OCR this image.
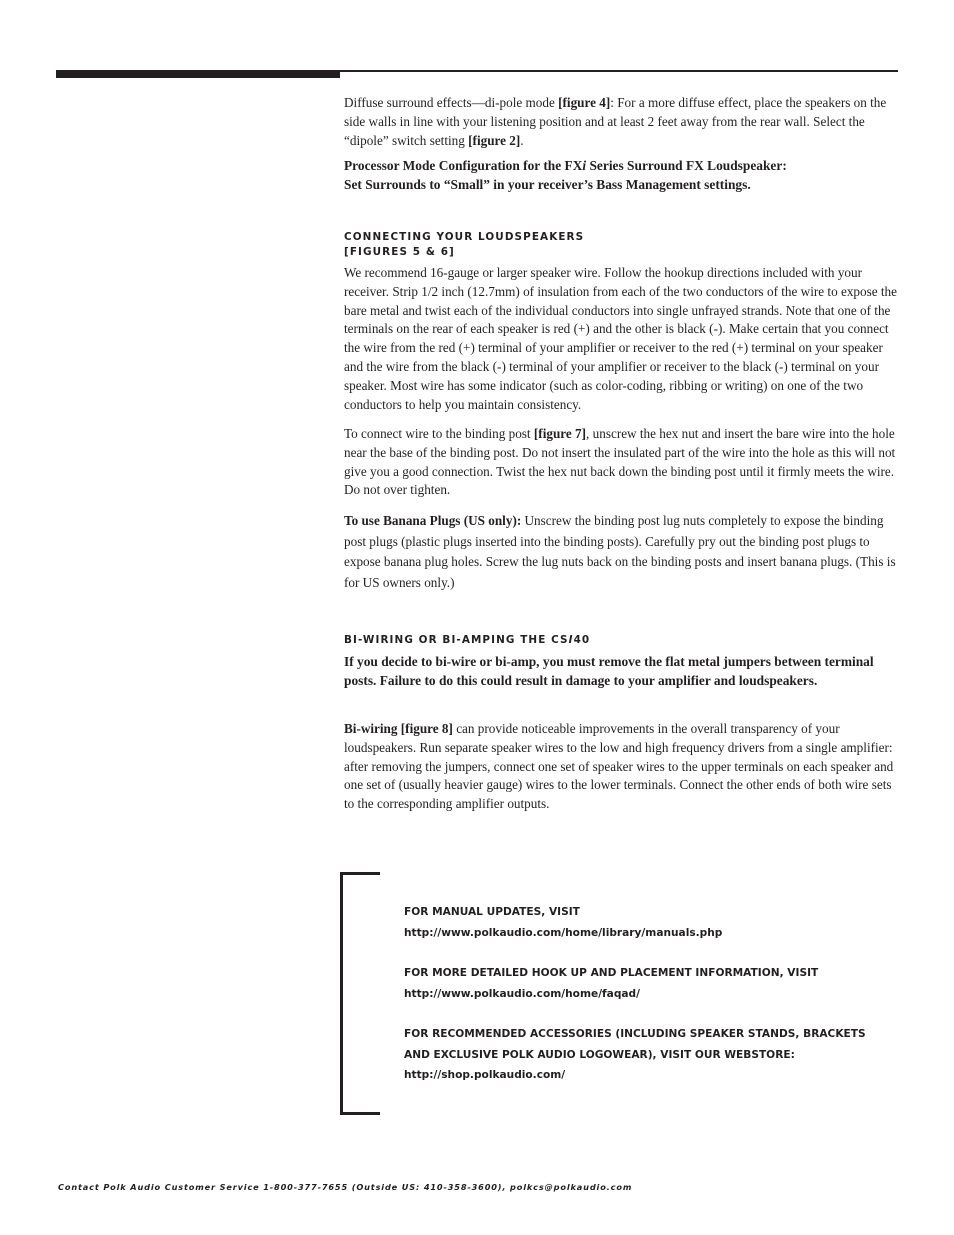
Diffuse surround effects—di-pole mode [figure 4]: For a more diffuse effect, place the speakers on the side walls in line with your listening position and at least 2 feet away from the rear wall. Select the “dipole” switch setting [figure 2].

Processor Mode Configuration for the FXi Series Surround FX Loudspeaker:
Set Surrounds to “Small” in your receiver’s Bass Management settings.
CONNECTING YOUR LOUDSPEAKERS
[FIGURES 5 & 6]

We recommend 16-gauge or larger speaker wire. Follow the hookup directions included with your receiver. Strip 1/2 inch (12.7mm) of insulation from each of the two conductors of the wire to expose the bare metal and twist each of the individual conductors into single unfrayed strands. Note that one of the terminals on the rear of each speaker is red (+) and the other is black (-). Make certain that you connect the wire from the red (+) terminal of your amplifier or receiver to the red (+) terminal on your speaker and the wire from the black (-) terminal of your amplifier or receiver to the black (-) terminal on your speaker. Most wire has some indicator (such as color-coding, ribbing or writing) on one of the two conductors to help you maintain consistency.

To connect wire to the binding post [figure 7], unscrew the hex nut and insert the bare wire into the hole near the base of the binding post. Do not insert the insulated part of the wire into the hole as this will not give you a good connection. Twist the hex nut back down the binding post until it firmly meets the wire. Do not over tighten.

To use Banana Plugs (US only): Unscrew the binding post lug nuts completely to expose the binding post plugs (plastic plugs inserted into the binding posts). Carefully pry out the binding post plugs to expose banana plug holes. Screw the lug nuts back on the binding posts and insert banana plugs. (This is for US owners only.)

BI-WIRING OR BI-AMPING THE CSI40
If you decide to bi-wire or bi-amp, you must remove the flat metal jumpers between terminal posts. Failure to do this could result in damage to your amplifier and loudspeakers.

Bi-wiring [figure 8] can provide noticeable improvements in the overall transparency of your loudspeakers. Run separate speaker wires to the low and high frequency drivers from a single amplifier: after removing the jumpers, connect one set of speaker wires to the upper terminals on each speaker and one set of (usually heavier gauge) wires to the lower terminals. Connect the other ends of both wire sets to the corresponding amplifier outputs.

FOR MANUAL UPDATES, VISIT
http://www.polkaudio.com/home/library/manuals.php
FOR MORE DETAILED HOOK UP AND PLACEMENT INFORMATION, VISIT
http://www.polkaudio.com/home/faqad/
FOR RECOMMENDED ACCESSORIES (INCLUDING SPEAKER STANDS, BRACKETS
AND EXCLUSIVE POLK AUDIO LOGOWEAR), VISIT OUR WEBSTORE:
http://shop.polkaudio.com/
Contact Polk Audio Customer Service 1-800-377-7655 (Outside US: 410-358-3600), polkcs@polkaudio.com
